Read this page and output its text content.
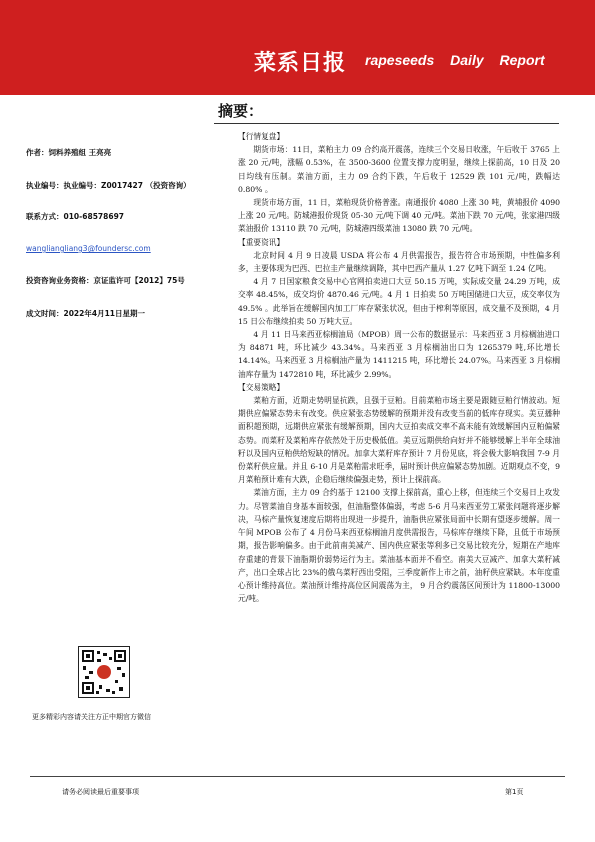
菜系日报 rapeseeds Daily Report
摘要：
作者：饲料养殖组 王亮亮
执业编号：执业编号：Z0017427 （投资咨询）
联系方式：010-68578697
wangliangliang3@foundersc.com
投资咨询业务资格：京证监许可【2012】75号
成文时间：2022年4月11日星期一
更多精彩内容请关注方正中期官方微信

【行情复盘】

期货市场：11日，菜粕主力 09 合约高开震荡，连续三个交易日收涨，午后收于 3765 上涨 20 元/吨，涨幅 0.53%，在 3500-3600 位置支撑力度明显，继续上探前高，10 日及 20 日均线有压制。菜油方面，主力 09 合约下跌，午后收于 12529 跌 101 元/吨，跌幅达 0.80% 。

现货市场方面，11 日，菜粕现货价格普涨。南通报价 4080 上涨 30 吨，黄埔报价 4090 上涨 20 元/吨。防城港报价现货 05-30 元/吨下调 40 元/吨。菜油下跌 70 元/吨，张家港四级菜油报价 13110 跌 70 元/吨，防城港四级菜油 13080 跌 70 元/吨。

【重要资讯】

北京时间 4 月 9 日凌晨 USDA 将公布 4 月供需报告，报告符合市场预期，中性偏多利多，主要体现为巴西、巴拉圭产量继续调降，其中巴西产量从 1.27 亿吨下调至 1.24 亿吨。

4 月 7 日国家粮食交易中心官网拍卖进口大豆 50.15 万吨，实际成交量 24.29 万吨，成交率 48.45%，成交均价 4870.46 元/吨。4 月 1 日拍卖 50 万吨国储进口大豆，成交率仅为 49.5% 。此举旨在缓解国内加工厂库存紧张状况，但由于榨利等原因，成交量不及预期，4 月 15 日公布继续拍卖 50 万吨大豆。

4 月 11 日马来西亚棕榈油局（MPOB）周一公布的数据显示：马来西亚 3 月棕榈油进口为 84871 吨，环比减少 43.34%。马来西亚 3 月棕榈油出口为 1265379 吨,环比增长 14.14%。马来西亚 3 月棕榈油产量为 1411215 吨，环比增长 24.07%。马来西亚 3 月棕榈油库存量为 1472810 吨，环比减少 2.99%。

【交易策略】

菜粕方面，近期走势明显抗跌，且强于豆粕。目前菜粕市场主要是跟随豆粕行情波动。短期供应偏紧态势未有改变。供应紧张态势缓解的预期并没有改变当前的低库存现实。美豆播种面积超预期，远期供应紧张有缓解预期，国内大豆拍卖成交率不高未能有效缓解国内豆粕偏紧态势。而菜籽及菜粕库存依然处于历史极低值。美豆远期供给向好并不能够缓解上半年全球油籽以及国内豆粕供给短缺的情况。加拿大菜籽库存预计 7 月份见底，将会极大影响我国 7-9 月份菜籽供应量。并且 6-10 月是菜粕需求旺季，届时预计供应偏紧态势加剧。近期观点不变，9 月菜粕预计难有大跌，企稳后继续偏强走势，预计上探前高。

菜油方面，主力 09 合约基于 12100 支撑上探前高，重心上移，但连续三个交易日上攻发力。尽管菜油自身基本面较强，但油脂整体偏弱，考虑 5-6 月马来西亚劳工紧张问题将逐步解决，马棕产量恢复速度后期将出现进一步提升，油脂供应紧张局面中长期有望逐步缓解。周一午间 MPOB 公布了 4 月份马来西亚棕榈油月度供需报告，马棕库存继续下降，且低于市场预期，报告影响偏多。由于此前南美减产、国内供应紧张等利多已交易比较充分，短期在产地库存重建的背景下油脂期价弱势运行为主。菜油基本面并不看空。南美大豆减产、加拿大菜籽减产，出口全球占比 23%的俄乌菜籽西出受阻，三季度新作上市之前，油籽供应紧缺。本年度重心预计维持高位。菜油预计维持高位区间震荡为主， 9 月合约震荡区间预计为 11800-13000 元/吨。

请务必阅读最后重要事项	第1页
